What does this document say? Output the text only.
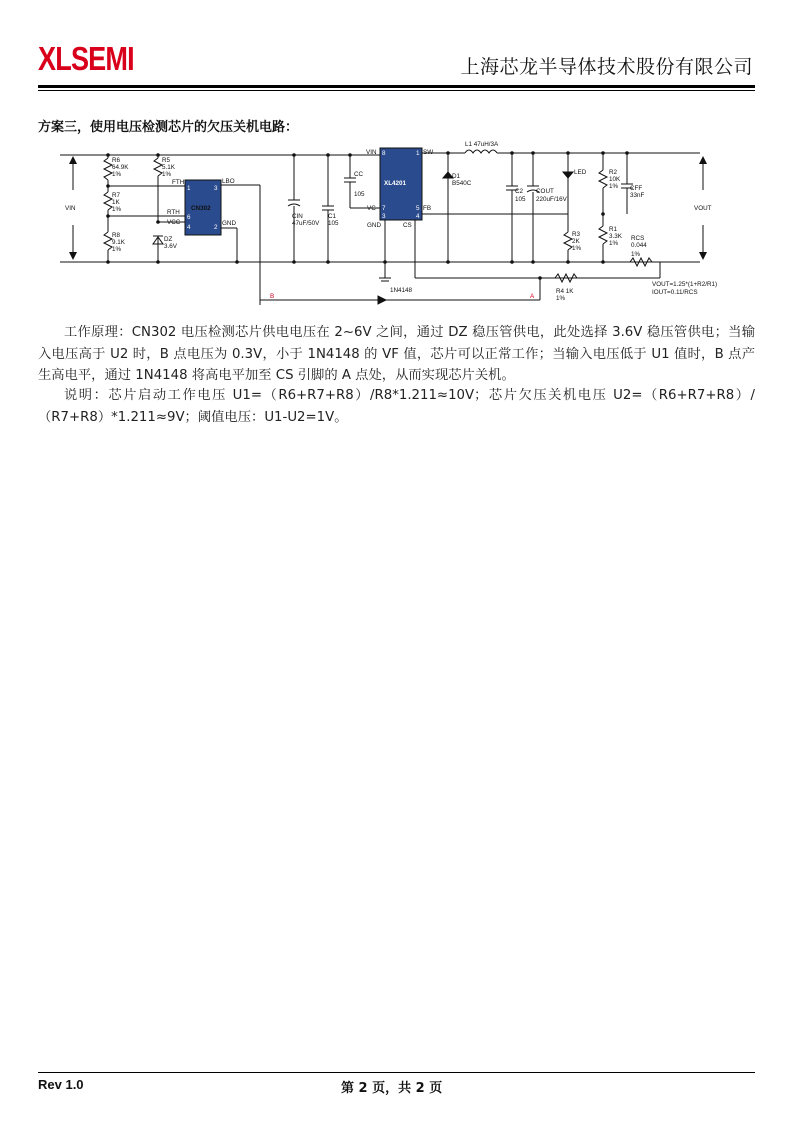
XLSEMI	上海芯龙半导体技术股份有限公司
方案三，使用电压检测芯片的欠压关机电路：
VIN	VOUT
R6
64.9K
1%
R5
5.1K
1%
R7
1K
1%
R8
9.1K
1%
DZ
3.6V
FTH
RTH
VCC
LBO
GND
1
6
4
3
2
CN302
VIN	SW
VC	FB
GND	CS
8	1
7	5
3	4
XL4201
CC
105
CIN
47uF/50V
C1
105
L1 47uH/3A
D1
B540C
C2
105
COUT
220uF/16V
LED	R2
10K
1% CFF
33nF
R3
2K
1%
R1
3.3K
1%
RCS
0.044
1%
R4 1K
1%
1N4148
B	A
VOUT=1.25*(1+R2/R1)
IOUT=0.11/RCS
工作原理：CN302 电压检测芯片供电电压在 2~6V 之间，通过 DZ 稳压管供电，此处选择 3.6V 稳压管供电；当输入电压高于 U2 时，B 点电压为 0.3V，小于 1N4148 的 VF 值，芯片可以正常工作；当输入电压低于 U1 值时，B 点产生高电平，通过 1N4148 将高电平加至 CS 引脚的 A 点处，从而实现芯片关机。
说明：芯片启动工作电压 U1=（R6+R7+R8）/R8*1.211≈10V；芯片欠压关机电压 U2=（R6+R7+R8）/（R7+R8）*1.211≈9V；阈值电压：U1-U2=1V。
Rev 1.0	第 2 页，共 2 页
